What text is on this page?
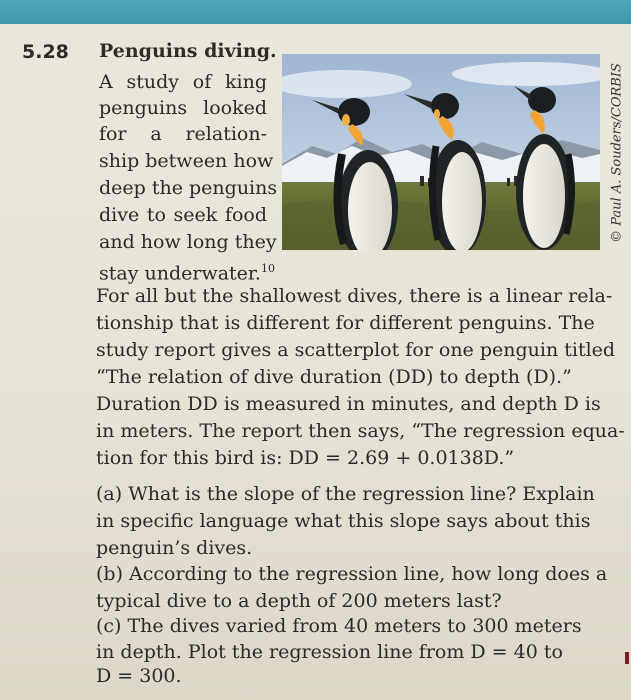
5.28 Penguins diving.
A study of king
penguins looked
for a relation-
ship between how
deep the penguins
dive to seek food
and how long they
stay underwater.$^{10}$
For all but the shallowest dives, there is a linear rela-
tionship that is different for different penguins. The
study report gives a scatterplot for one penguin titled
“The relation of dive duration (DD) to depth (D).”
Duration DD is measured in minutes, and depth D is
in meters. The report then says, “The regression equa-
tion for this bird is: DD = 2.69 + 0.0138D.”
(a) What is the slope of the regression line? Explain
in specific language what this slope says about this
penguin’s dives.
(b) According to the regression line, how long does a
typical dive to a depth of 200 meters last?
(c) The dives varied from 40 meters to 300 meters
in depth. Plot the regression line from D = 40 to
D = 300.
© Paul A. Souders/CORBIS
